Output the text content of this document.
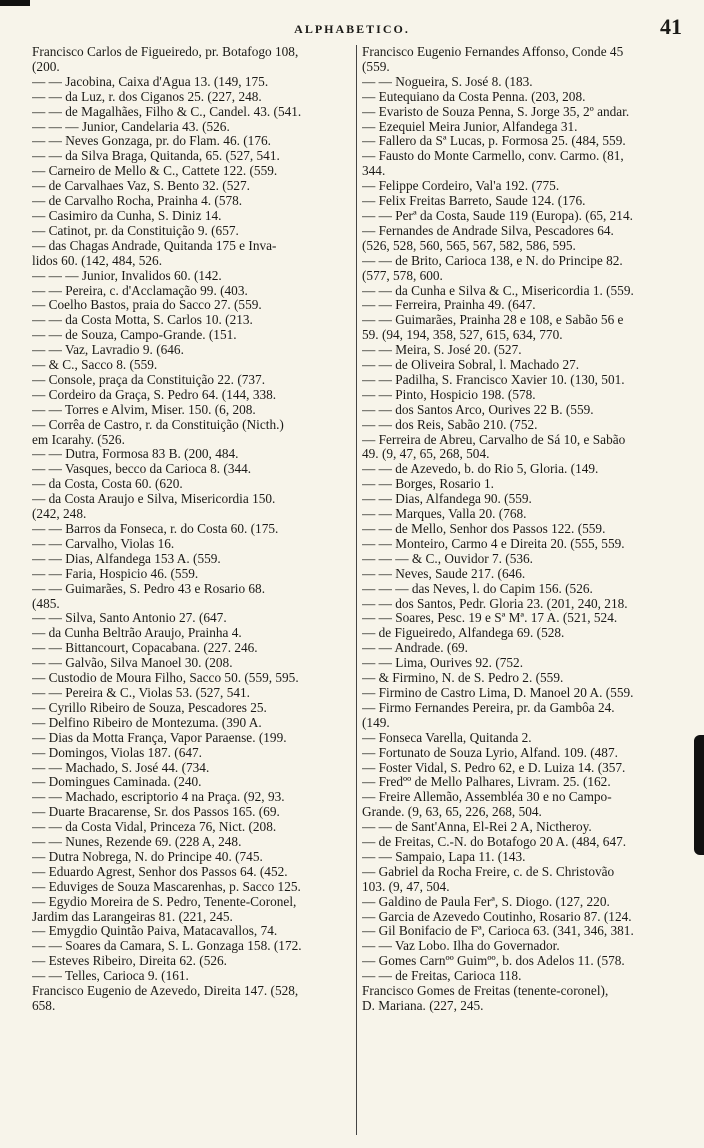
ALPHABETICO.	41
Francisco Carlos de Figueiredo, pr. Botafogo 108,
(200.
— — Jacobina, Caixa d'Agua 13. (149, 175.
— — da Luz, r. dos Ciganos 25. (227, 248.
— — de Magalhães, Filho & C., Candel. 43. (541.
— — — Junior, Candelaria 43. (526.
— — Neves Gonzaga, pr. do Flam. 46. (176.
— — da Silva Braga, Quitanda, 65. (527, 541.
— Carneiro de Mello & C., Cattete 122. (559.
— de Carvalhaes Vaz, S. Bento 32. (527.
— de Carvalho Rocha, Prainha 4. (578.
— Casimiro da Cunha, S. Diniz 14.
— Catinot, pr. da Constituição 9. (657.
— das Chagas Andrade, Quitanda 175 e Inva-
lidos 60. (142, 484, 526.
— — — Junior, Invalidos 60. (142.
— — Pereira, c. d'Acclamação 99. (403.
— Coelho Bastos, praia do Sacco 27. (559.
— — da Costa Motta, S. Carlos 10. (213.
— — de Souza, Campo-Grande. (151.
— — Vaz, Lavradio 9. (646.
— & C., Sacco 8. (559.
— Console, praça da Constituição 22. (737.
— Cordeiro da Graça, S. Pedro 64. (144, 338.
— — Torres e Alvim, Miser. 150. (6, 208.
— Corrêa de Castro, r. da Constituição (Nicth.)
em Icarahy. (526.
— — Dutra, Formosa 83 B. (200, 484.
— — Vasques, becco da Carioca 8. (344.
— da Costa, Costa 60. (620.
— da Costa Araujo e Silva, Misericordia 150.
(242, 248.
— — Barros da Fonseca, r. do Costa 60. (175.
— — Carvalho, Violas 16.
— — Dias, Alfandega 153 A. (559.
— — Faria, Hospicio 46. (559.
— — Guimarães, S. Pedro 43 e Rosario 68.
(485.
— — Silva, Santo Antonio 27. (647.
— da Cunha Beltrão Araujo, Prainha 4.
— — Bittancourt, Copacabana. (227. 246.
— — Galvão, Silva Manoel 30. (208.
— Custodio de Moura Filho, Sacco 50. (559, 595.
— — Pereira & C., Violas 53. (527, 541.
— Cyrillo Ribeiro de Souza, Pescadores 25.
— Delfino Ribeiro de Montezuma. (390 A.
— Dias da Motta França, Vapor Paraense. (199.
— Domingos, Violas 187. (647.
— — Machado, S. José 44. (734.
— Domingues Caminada. (240.
— — Machado, escriptorio 4 na Praça. (92, 93.
— Duarte Bracarense, Sr. dos Passos 165. (69.
— — da Costa Vidal, Princeza 76, Nict. (208.
— — Nunes, Rezende 69. (228 A, 248.
— Dutra Nobrega, N. do Principe 40. (745.
— Eduardo Agrest, Senhor dos Passos 64. (452.
— Eduviges de Souza Mascarenhas, p. Sacco 125.
— Egydio Moreira de S. Pedro, Tenente-Coronel,
Jardim das Larangeiras 81. (221, 245.
— Emygdio Quintão Paiva, Matacavallos, 74.
— — Soares da Camara, S. L. Gonzaga 158. (172.
— Esteves Ribeiro, Direita 62. (526.
— — Telles, Carioca 9. (161.
Francisco Eugenio de Azevedo, Direita 147. (528,
658.
Francisco Eugenio Fernandes Affonso, Conde 45
(559.
— — Nogueira, S. José 8. (183.
— Eutequiano da Costa Penna. (203, 208.
— Evaristo de Souza Penna, S. Jorge 35, 2º andar.
— Ezequiel Meira Junior, Alfandega 31.
— Fallero da Sª Lucas, p. Formosa 25. (484, 559.
— Fausto do Monte Carmello, conv. Carmo. (81,
344.
— Felippe Cordeiro, Val'a 192. (775.
— Felix Freitas Barreto, Saude 124. (176.
— — Perª da Costa, Saude 119 (Europa). (65, 214.
— Fernandes de Andrade Silva, Pescadores 64.
(526, 528, 560, 565, 567, 582, 586, 595.
— — de Brito, Carioca 138, e N. do Principe 82.
(577, 578, 600.
— — da Cunha e Silva & C., Misericordia 1. (559.
— — Ferreira, Prainha 49. (647.
— — Guimarães, Prainha 28 e 108, e Sabão 56 e
59. (94, 194, 358, 527, 615, 634, 770.
— — Meira, S. José 20. (527.
— — de Oliveira Sobral, l. Machado 27.
— — Padilha, S. Francisco Xavier 10. (130, 501.
— — Pinto, Hospicio 198. (578.
— — dos Santos Arco, Ourives 22 B. (559.
— — dos Reis, Sabão 210. (752.
— Ferreira de Abreu, Carvalho de Sá 10, e Sabão
49. (9, 47, 65, 268, 504.
— — de Azevedo, b. do Rio 5, Gloria. (149.
— — Borges, Rosario 1.
— — Dias, Alfandega 90. (559.
— — Marques, Valla 20. (768.
— — de Mello, Senhor dos Passos 122. (559.
— — Monteiro, Carmo 4 e Direita 20. (555, 559.
— — — & C., Ouvidor 7. (536.
— — Neves, Saude 217. (646.
— — — das Neves, l. do Capim 156. (526.
— — dos Santos, Pedr. Gloria 23. (201, 240, 218.
— — Soares, Pesc. 19 e Sª Mª. 17 A. (521, 524.
— de Figueiredo, Alfandega 69. (528.
— — Andrade. (69.
— — Lima, Ourives 92. (752.
— & Firmino, N. de S. Pedro 2. (559.
— Firmino de Castro Lima, D. Manoel 20 A. (559.
— Firmo Fernandes Pereira, pr. da Gambôa 24.
(149.
— Fonseca Varella, Quitanda 2.
— Fortunato de Souza Lyrio, Alfand. 109. (487.
— Foster Vidal, S. Pedro 62, e D. Luiza 14. (357.
— Fredºº de Mello Palhares, Livram. 25. (162.
— Freire Allemão, Assembléa 30 e no Campo-
Grande. (9, 63, 65, 226, 268, 504.
— — de Sant'Anna, El-Rei 2 A, Nictheroy.
— de Freitas, C.-N. do Botafogo 20 A. (484, 647.
— — Sampaio, Lapa 11. (143.
— Gabriel da Rocha Freire, c. de S. Christovão
103. (9, 47, 504.
— Galdino de Paula Ferª, S. Diogo. (127, 220.
— Garcia de Azevedo Coutinho, Rosario 87. (124.
— Gil Bonifacio de Fª, Carioca 63. (341, 346, 381.
— — Vaz Lobo. Ilha do Governador.
— Gomes Carnºº Guimºº, b. dos Adelos 11. (578.
— — de Freitas, Carioca 118.
Francisco Gomes de Freitas (tenente-coronel),
D. Mariana. (227, 245.
